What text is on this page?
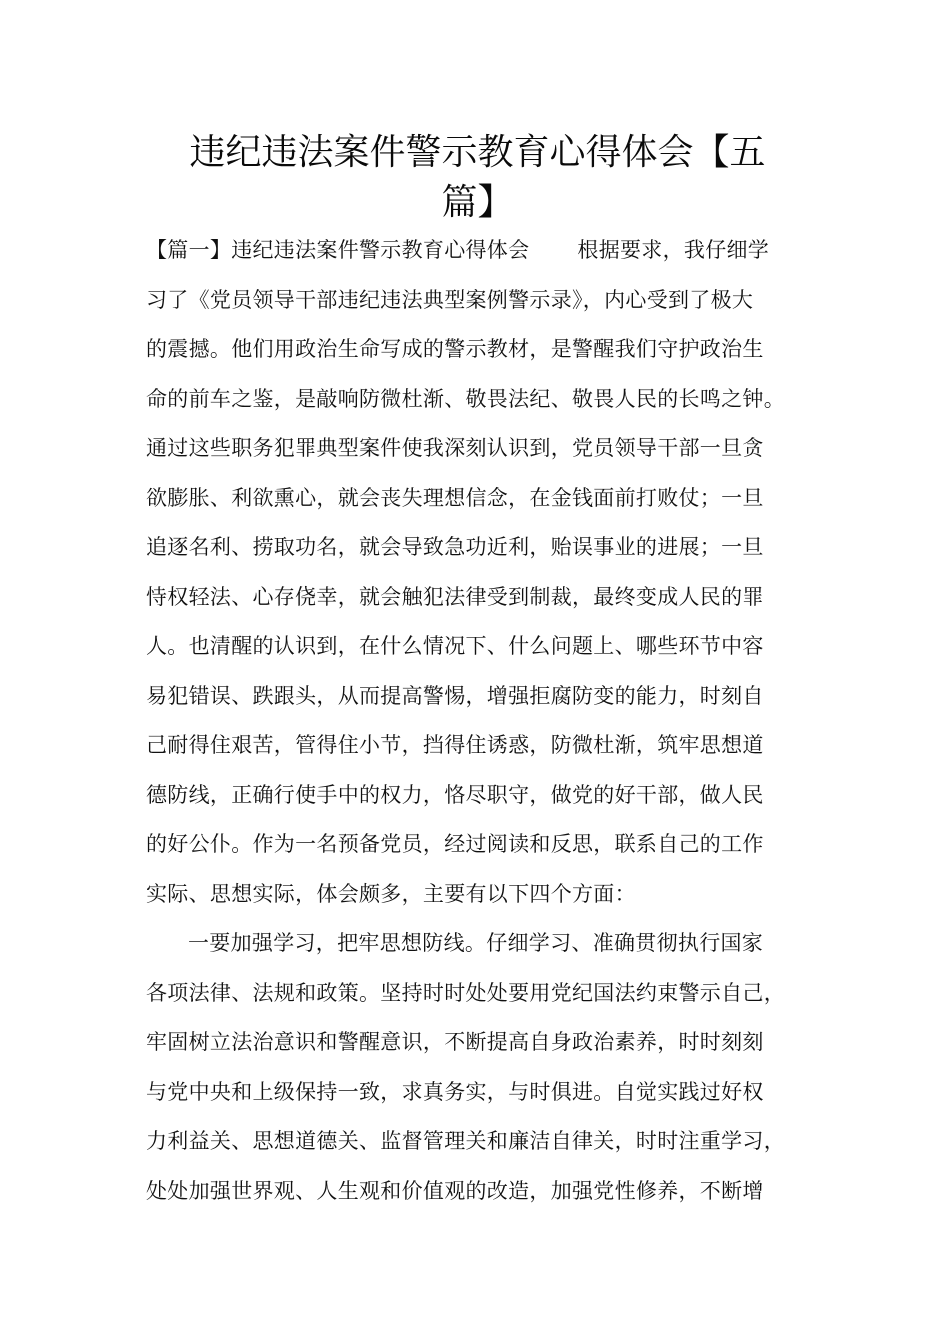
违纪违法案件警示教育心得体会【五
篇】
【篇一】违纪违法案件警示教育心得体会 根据要求，我仔细学
习了《党员领导干部违纪违法典型案例警示录》，内心受到了极大
的震撼。他们用政治生命写成的警示教材，是警醒我们守护政治生
命的前车之鉴，是敲响防微杜渐、敬畏法纪、敬畏人民的长鸣之钟。
通过这些职务犯罪典型案件使我深刻认识到，党员领导干部一旦贪
欲膨胀、利欲熏心，就会丧失理想信念，在金钱面前打败仗；一旦
追逐名利、捞取功名，就会导致急功近利，贻误事业的进展；一旦
恃权轻法、心存侥幸，就会触犯法律受到制裁，最终变成人民的罪
人。也清醒的认识到，在什么情况下、什么问题上、哪些环节中容
易犯错误、跌跟头，从而提高警惕，增强拒腐防变的能力，时刻自
己耐得住艰苦，管得住小节，挡得住诱惑，防微杜渐，筑牢思想道
德防线，正确行使手中的权力，恪尽职守，做党的好干部，做人民
的好公仆。作为一名预备党员，经过阅读和反思，联系自己的工作
实际、思想实际，体会颇多，主要有以下四个方面：
一要加强学习，把牢思想防线。仔细学习、准确贯彻执行国家
各项法律、法规和政策。坚持时时处处要用党纪国法约束警示自己，
牢固树立法治意识和警醒意识，不断提高自身政治素养，时时刻刻
与党中央和上级保持一致，求真务实，与时俱进。自觉实践过好权
力利益关、思想道德关、监督管理关和廉洁自律关，时时注重学习，
处处加强世界观、人生观和价值观的改造，加强党性修养，不断增
